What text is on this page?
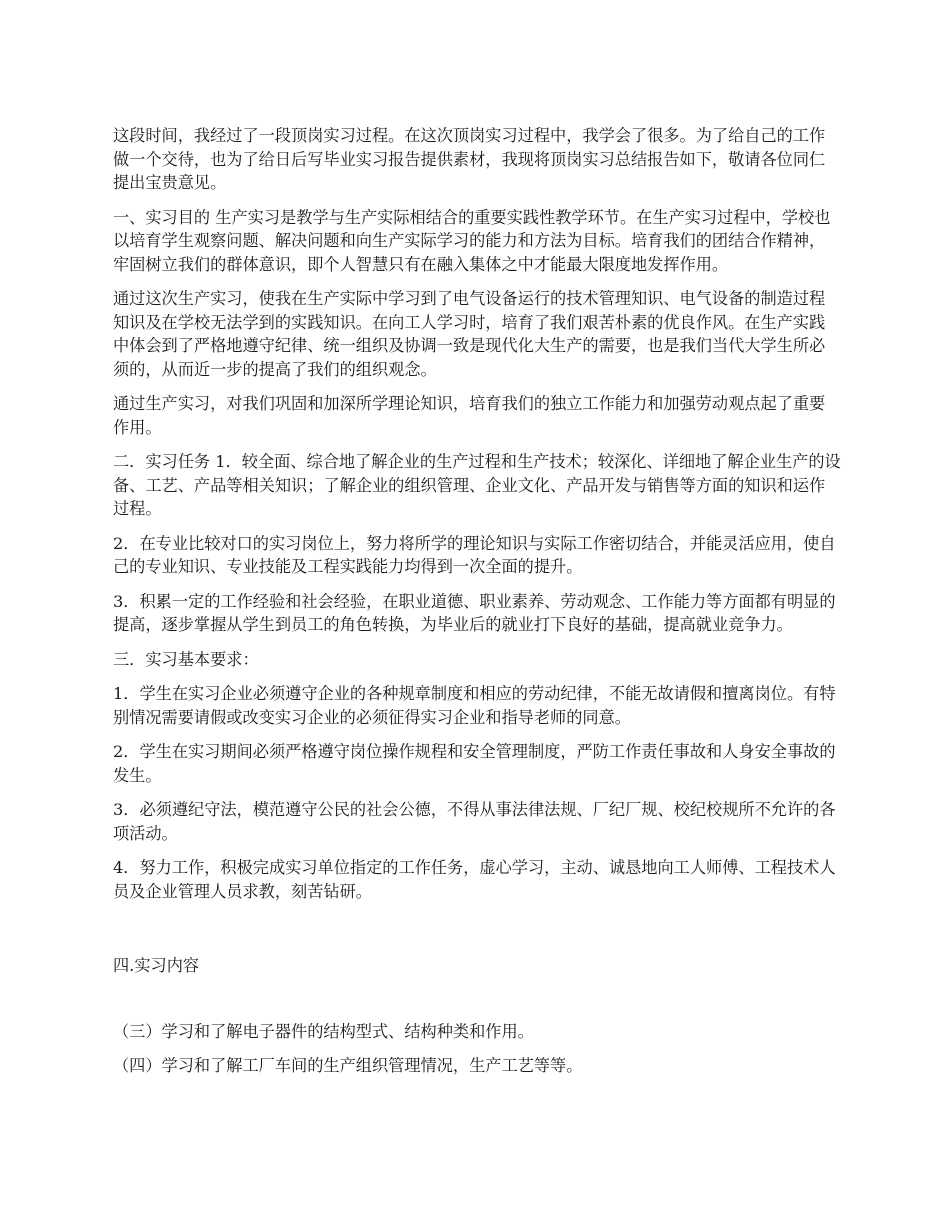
这段时间，我经过了一段顶岗实习过程。在这次顶岗实习过程中，我学会了很多。为了给自己的工作做一个交待，也为了给日后写毕业实习报告提供素材，我现将顶岗实习总结报告如下，敬请各位同仁提出宝贵意见。

一、实习目的 生产实习是教学与生产实际相结合的重要实践性教学环节。在生产实习过程中，学校也以培育学生观察问题、解决问题和向生产实际学习的能力和方法为目标。培育我们的团结合作精神，牢固树立我们的群体意识，即个人智慧只有在融入集体之中才能最大限度地发挥作用。

通过这次生产实习，使我在生产实际中学习到了电气设备运行的技术管理知识、电气设备的制造过程知识及在学校无法学到的实践知识。在向工人学习时，培育了我们艰苦朴素的优良作风。在生产实践中体会到了严格地遵守纪律、统一组织及协调一致是现代化大生产的需要，也是我们当代大学生所必须的，从而近一步的提高了我们的组织观念。

通过生产实习，对我们巩固和加深所学理论知识，培育我们的独立工作能力和加强劳动观点起了重要作用。

二．实习任务 1．较全面、综合地了解企业的生产过程和生产技术；较深化、详细地了解企业生产的设备、工艺、产品等相关知识；了解企业的组织管理、企业文化、产品开发与销售等方面的知识和运作过程。

2．在专业比较对口的实习岗位上，努力将所学的理论知识与实际工作密切结合，并能灵活应用，使自己的专业知识、专业技能及工程实践能力均得到一次全面的提升。

3．积累一定的工作经验和社会经验，在职业道德、职业素养、劳动观念、工作能力等方面都有明显的提高，逐步掌握从学生到员工的角色转换，为毕业后的就业打下良好的基础，提高就业竞争力。

三．实习基本要求：

1．学生在实习企业必须遵守企业的各种规章制度和相应的劳动纪律，不能无故请假和擅离岗位。有特别情况需要请假或改变实习企业的必须征得实习企业和指导老师的同意。

2．学生在实习期间必须严格遵守岗位操作规程和安全管理制度，严防工作责任事故和人身安全事故的发生。

3．必须遵纪守法，模范遵守公民的社会公德，不得从事法律法规、厂纪厂规、校纪校规所不允许的各项活动。

4．努力工作，积极完成实习单位指定的工作任务，虚心学习，主动、诚恳地向工人师傅、工程技术人员及企业管理人员求教，刻苦钻研。

四.实习内容

（三）学习和了解电子器件的结构型式、结构种类和作用。

（四）学习和了解工厂车间的生产组织管理情况，生产工艺等等。
